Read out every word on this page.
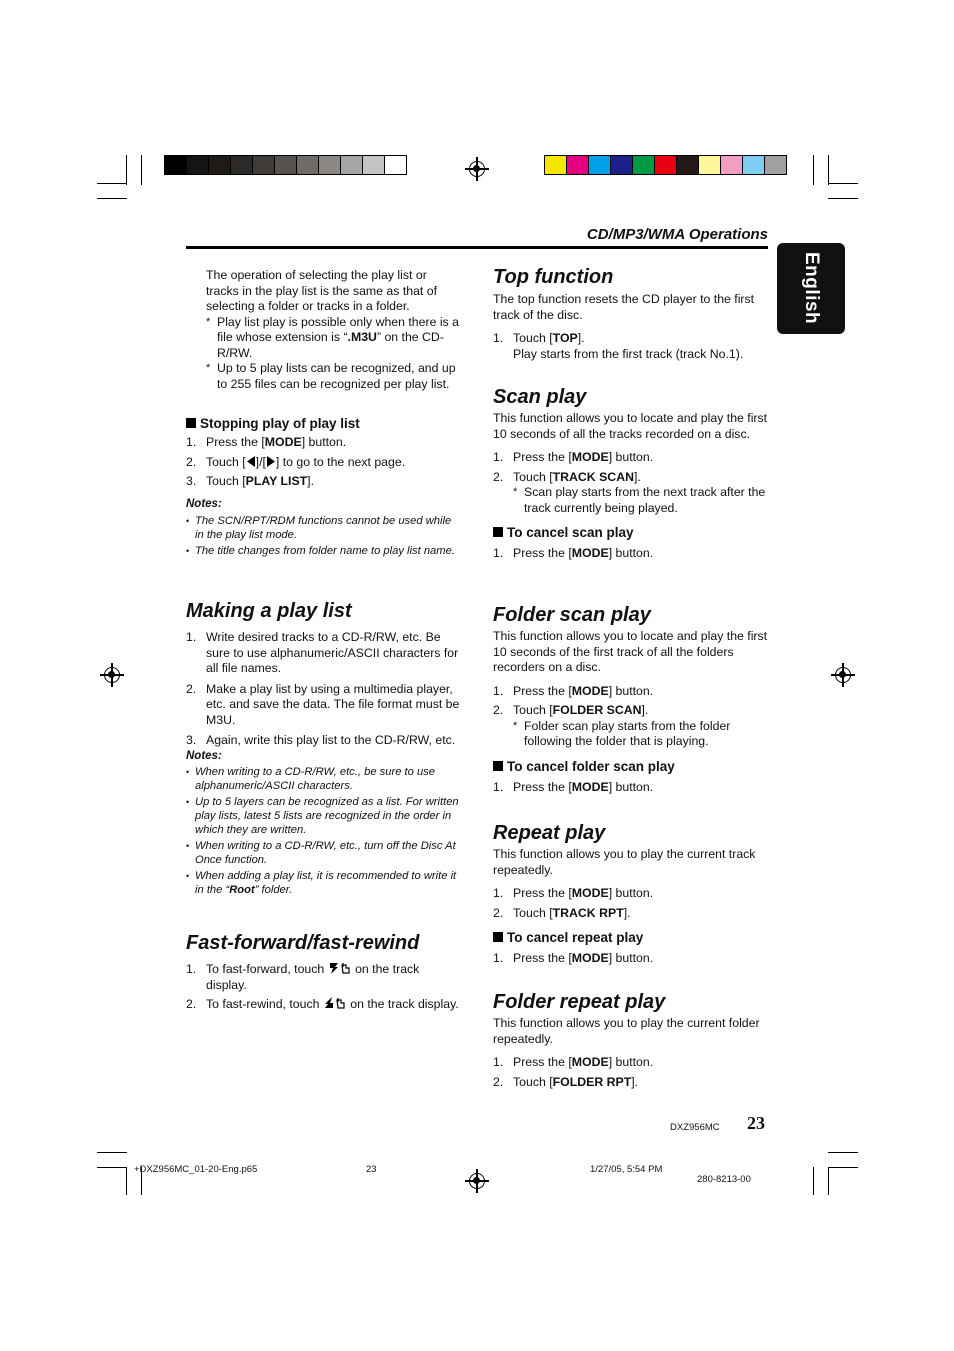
CD/MP3/WMA Operations
English

The operation of selecting the play list or tracks in the play list is the same as that of selecting a folder or tracks in a folder.

* Play list play is possible only when there is a file whose extension is “.M3U” on the CD-R/RW.
* Up to 5 play lists can be recognized, and up to 255 files can be recognized per play list.
Stopping play of play list
1. Press the [MODE] button.
2. Touch [ ]/[ ] to go to the next page.
3. Touch [PLAY LIST].
Notes:
• The SCN/RPT/RDM functions cannot be used while in the play list mode.
• The title changes from folder name to play list name.
Making a play list
1. Write desired tracks to a CD-R/RW, etc. Be sure to use alphanumeric/ASCII characters for all file names.
2. Make a play list by using a multimedia player, etc. and save the data. The file format must be M3U.
3. Again, write this play list to the CD-R/RW, etc.
Notes:
• When writing to a CD-R/RW, etc., be sure to use alphanumeric/ASCII characters.
• Up to 5 layers can be recognized as a list. For written play lists, latest 5 lists are recognized in the order in which they are written.
• When writing to a CD-R/RW, etc., turn off the Disc At Once function.
• When adding a play list, it is recommended to write it in the “Root” folder.
Fast-forward/fast-rewind
1. To fast-forward, touch  on the track display.
2. To fast-rewind, touch  on the track display.
Top function

The top function resets the CD player to the first track of the disc.

1. Touch [TOP].
Play starts from the first track (track No.1).
Scan play

This function allows you to locate and play the first 10 seconds of all the tracks recorded on a disc.

1. Press the [MODE] button.
2. Touch [TRACK SCAN].
* Scan play starts from the next track after the track currently being played.
To cancel scan play
1. Press the [MODE] button.
Folder scan play

This function allows you to locate and play the first 10 seconds of the first track of all the folders recorders on a disc.

1. Press the [MODE] button.
2. Touch [FOLDER SCAN].
* Folder scan play starts from the folder following the folder that is playing.
To cancel folder scan play
1. Press the [MODE] button.
Repeat play

This function allows you to play the current track repeatedly.

1. Press the [MODE] button.
2. Touch [TRACK RPT].
To cancel repeat play
1. Press the [MODE] button.
Folder repeat play

This function allows you to play the current folder repeatedly.

1. Press the [MODE] button.
2. Touch [FOLDER RPT].
DXZ956MC 23
+DXZ956MC_01-20-Eng.p65	23	1/27/05, 5:54 PM
280-8213-00
